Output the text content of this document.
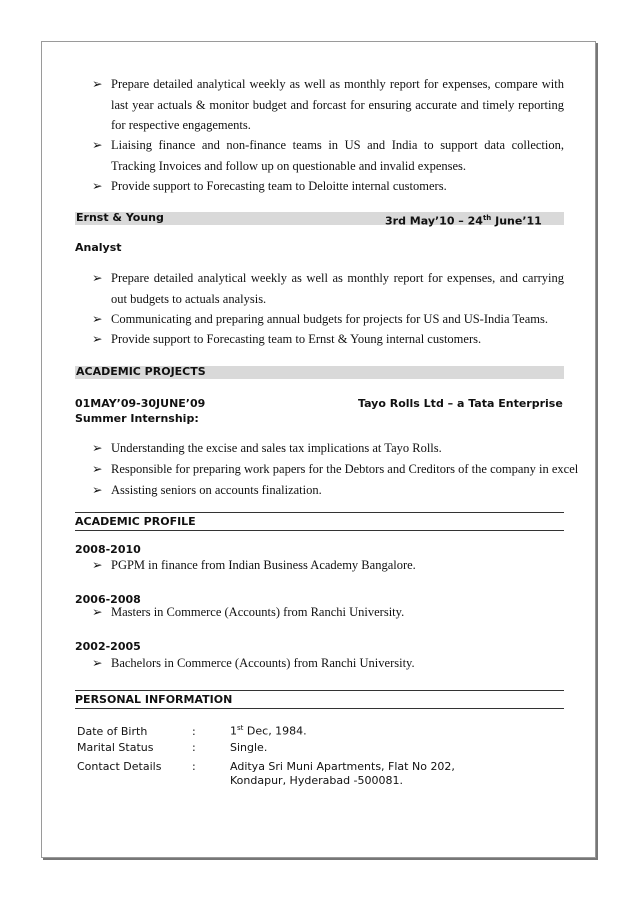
➢ Prepare detailed analytical weekly as well as monthly report for expenses, compare with last year actuals & monitor budget and forcast for ensuring accurate and timely reporting for respective engagements.
➢ Liaising finance and non-finance teams in US and India to support data collection, Tracking Invoices and follow up on questionable and invalid expenses.
➢ Provide support to Forecasting team to Deloitte internal customers.
Ernst & Young	3rd May’10 – 24th June’11
Analyst
➢ Prepare detailed analytical weekly as well as monthly report for expenses, and carrying out budgets to actuals analysis.
➢ Communicating and preparing annual budgets for projects for US and US-India Teams.
➢ Provide support to Forecasting team to Ernst & Young internal customers.
ACADEMIC PROJECTS
01MAY’09-30JUNE’09	Tayo Rolls Ltd – a Tata Enterprise
Summer Internship:
➢ Understanding the excise and sales tax implications at Tayo Rolls.
➢ Responsible for preparing work papers for the Debtors and Creditors of the company in excel
➢ Assisting seniors on accounts finalization.
ACADEMIC PROFILE
2008-2010
➢ PGPM in finance from Indian Business Academy Bangalore.
2006-2008
➢ Masters in Commerce (Accounts) from Ranchi University.
2002-2005
➢ Bachelors in Commerce (Accounts) from Ranchi University.
PERSONAL INFORMATION
Date of Birth	:	1st Dec, 1984.
Marital Status	:	Single.
Contact Details	:	Aditya Sri Muni Apartments, Flat No 202,
Kondapur, Hyderabad -500081.
